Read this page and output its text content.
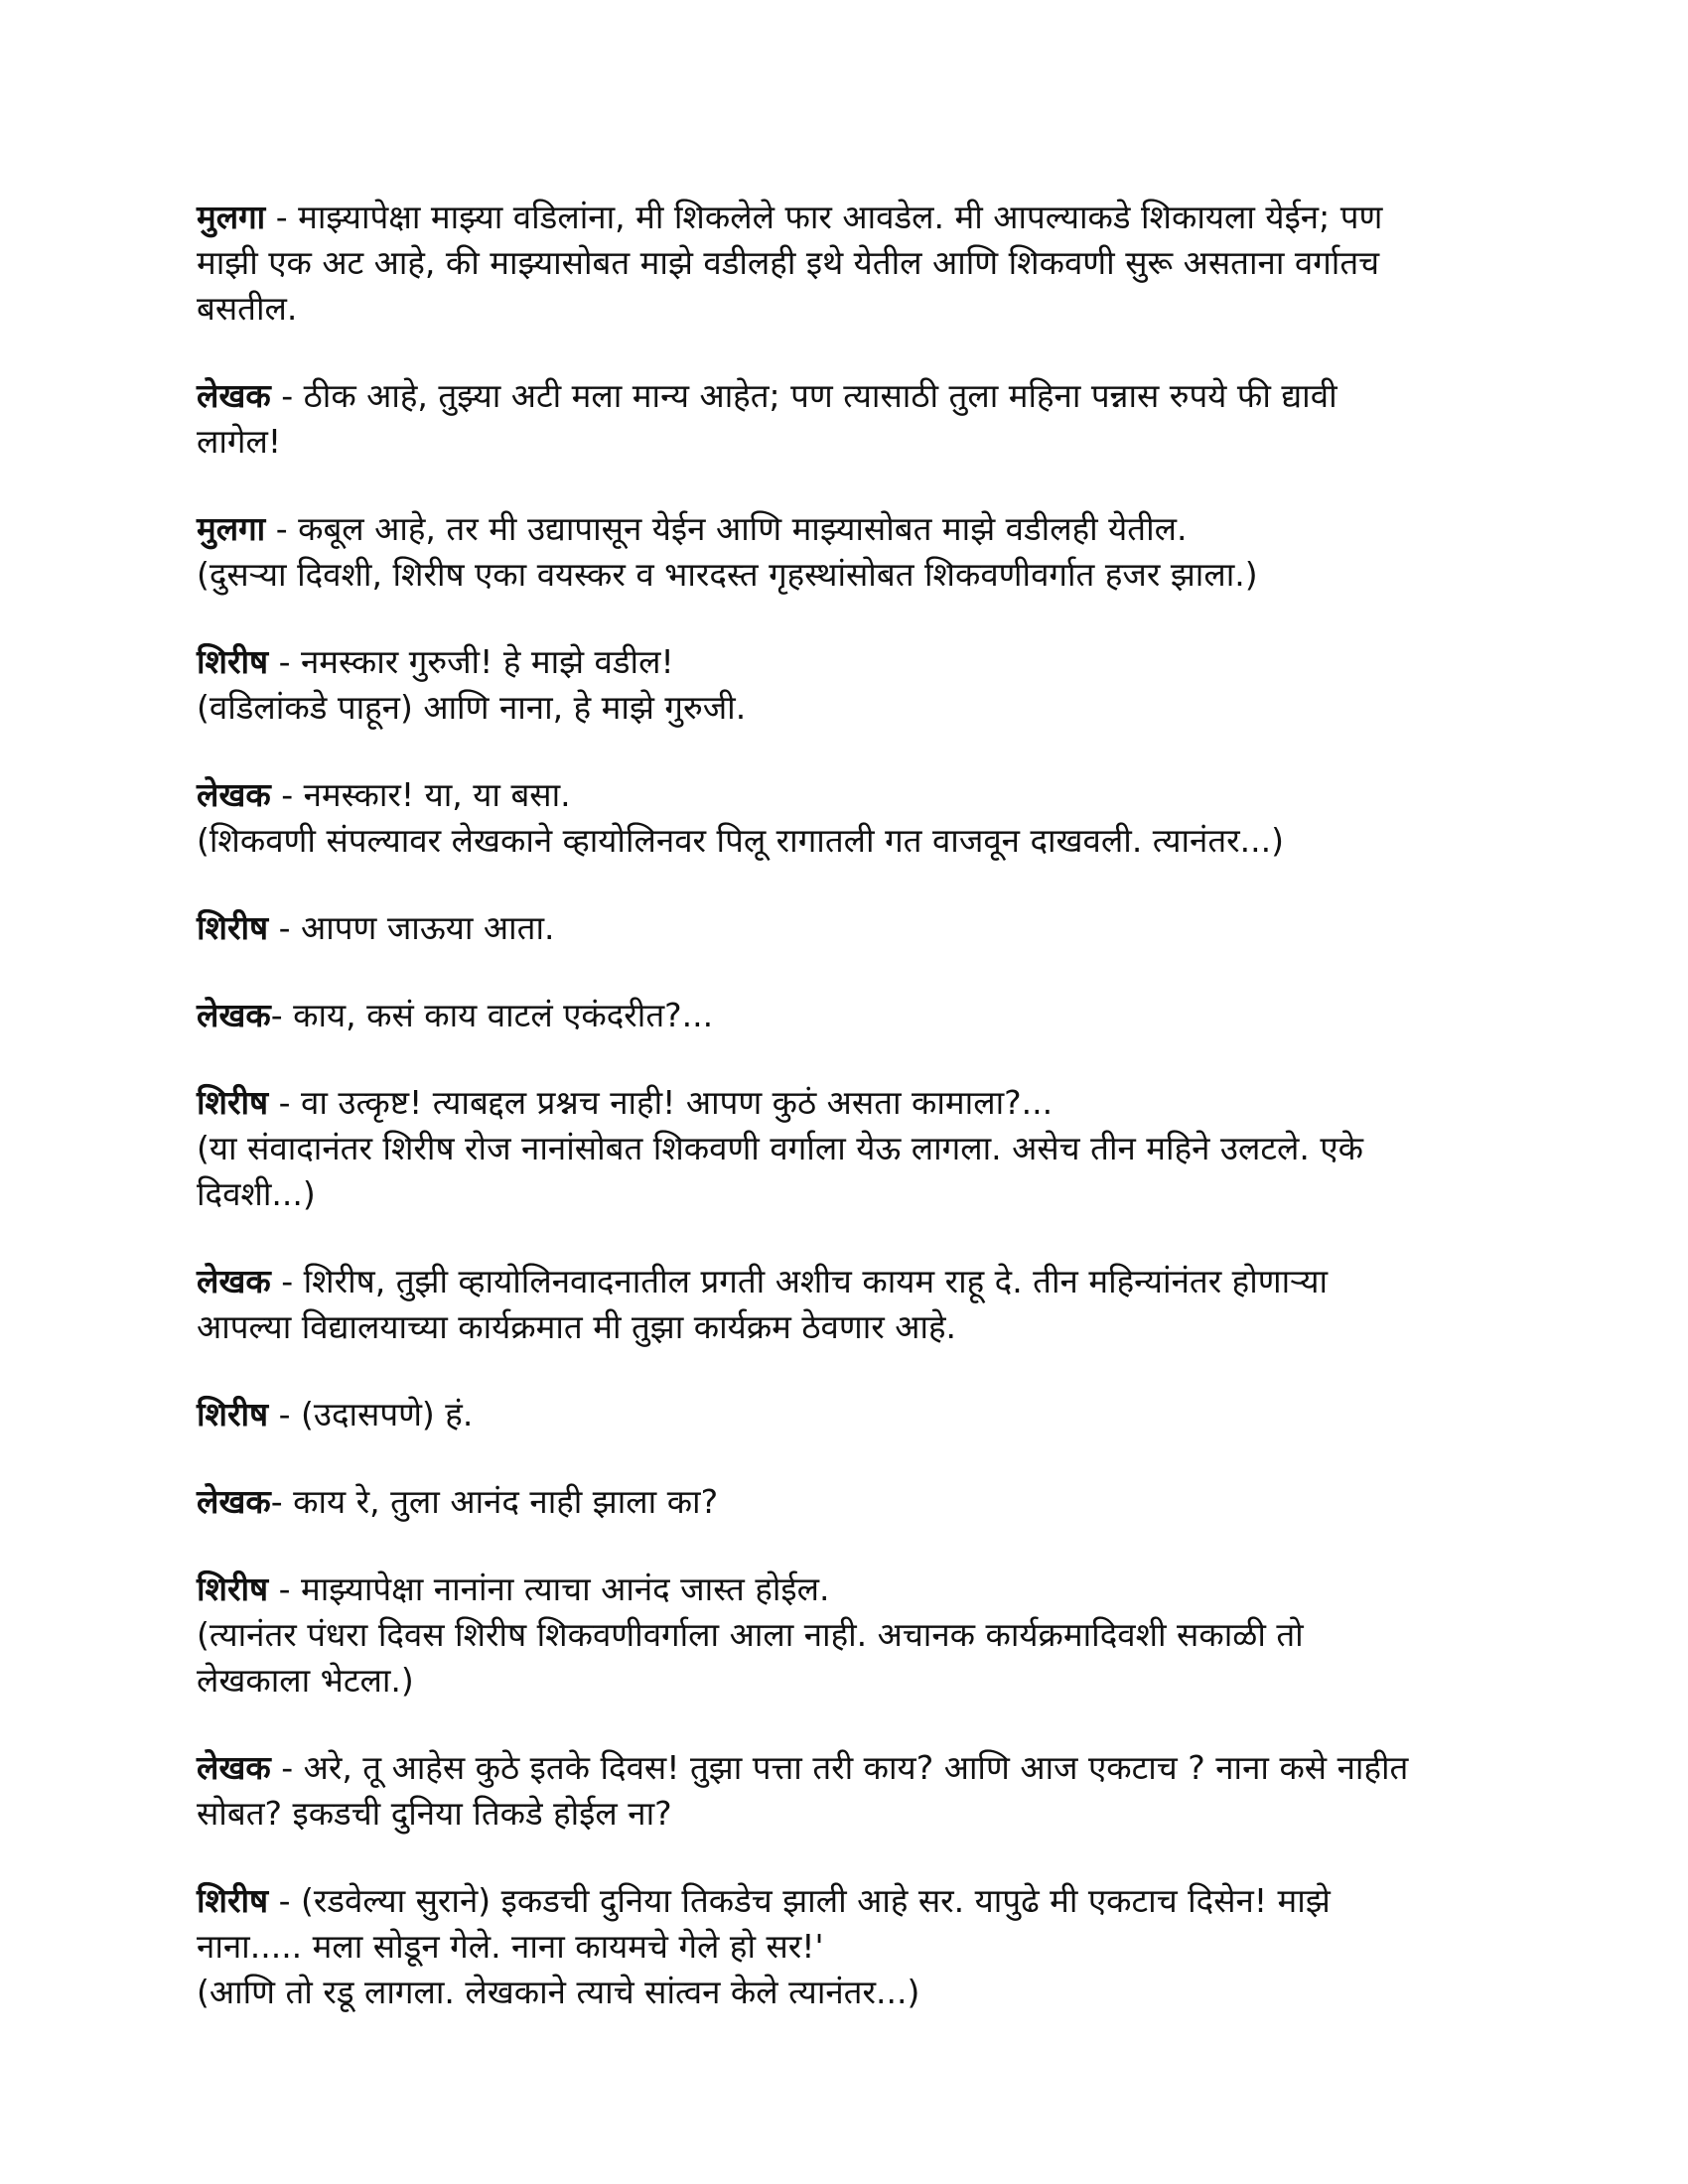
मुलगा - माझ्यापेक्षा माझ्या वडिलांना, मी शिकलेले फार आवडेल. मी आपल्याकडे शिकायला येईन; पण
माझी एक अट आहे, की माझ्यासोबत माझे वडीलही इथे येतील आणि शिकवणी सुरू असताना वर्गातच
बसतील.
लेखक - ठीक आहे, तुझ्या अटी मला मान्य आहेत; पण त्यासाठी तुला महिना पन्नास रुपये फी द्यावी
लागेल!
मुलगा - कबूल आहे, तर मी उद्यापासून येईन आणि माझ्यासोबत माझे वडीलही येतील.
(दुसऱ्या दिवशी, शिरीष एका वयस्कर व भारदस्त गृहस्थांसोबत शिकवणीवर्गात हजर झाला.)
शिरीष - नमस्कार गुरुजी! हे माझे वडील!
(वडिलांकडे पाहून) आणि नाना, हे माझे गुरुजी.
लेखक - नमस्कार! या, या बसा.
(शिकवणी संपल्यावर लेखकाने व्हायोलिनवर पिलू रागातली गत वाजवून दाखवली. त्यानंतर...)
शिरीष - आपण जाऊया आता.
लेखक- काय, कसं काय वाटलं एकंदरीत?...
शिरीष - वा उत्कृष्ट! त्याबद्दल प्रश्नच नाही! आपण कुठं असता कामाला?...
(या संवादानंतर शिरीष रोज नानांसोबत शिकवणी वर्गाला येऊ लागला. असेच तीन महिने उलटले. एके
दिवशी...)
लेखक - शिरीष, तुझी व्हायोलिनवादनातील प्रगती अशीच कायम राहू दे. तीन महिन्यांनंतर होणाऱ्या
आपल्या विद्यालयाच्या कार्यक्रमात मी तुझा कार्यक्रम ठेवणार आहे.
शिरीष - (उदासपणे) हं.
लेखक- काय रे, तुला आनंद नाही झाला का?
शिरीष - माझ्यापेक्षा नानांना त्याचा आनंद जास्त होईल.
(त्यानंतर पंधरा दिवस शिरीष शिकवणीवर्गाला आला नाही. अचानक कार्यक्रमादिवशी सकाळी तो
लेखकाला भेटला.)
लेखक - अरे, तू आहेस कुठे इतके दिवस! तुझा पत्ता तरी काय? आणि आज एकटाच ? नाना कसे नाहीत
सोबत? इकडची दुनिया तिकडे होईल ना?
शिरीष - (रडवेल्या सुराने) इकडची दुनिया तिकडेच झाली आहे सर. यापुढे मी एकटाच दिसेन! माझे
नाना..... मला सोडून गेले. नाना कायमचे गेले हो सर!'
(आणि तो रडू लागला. लेखकाने त्याचे सांत्वन केले त्यानंतर...)
